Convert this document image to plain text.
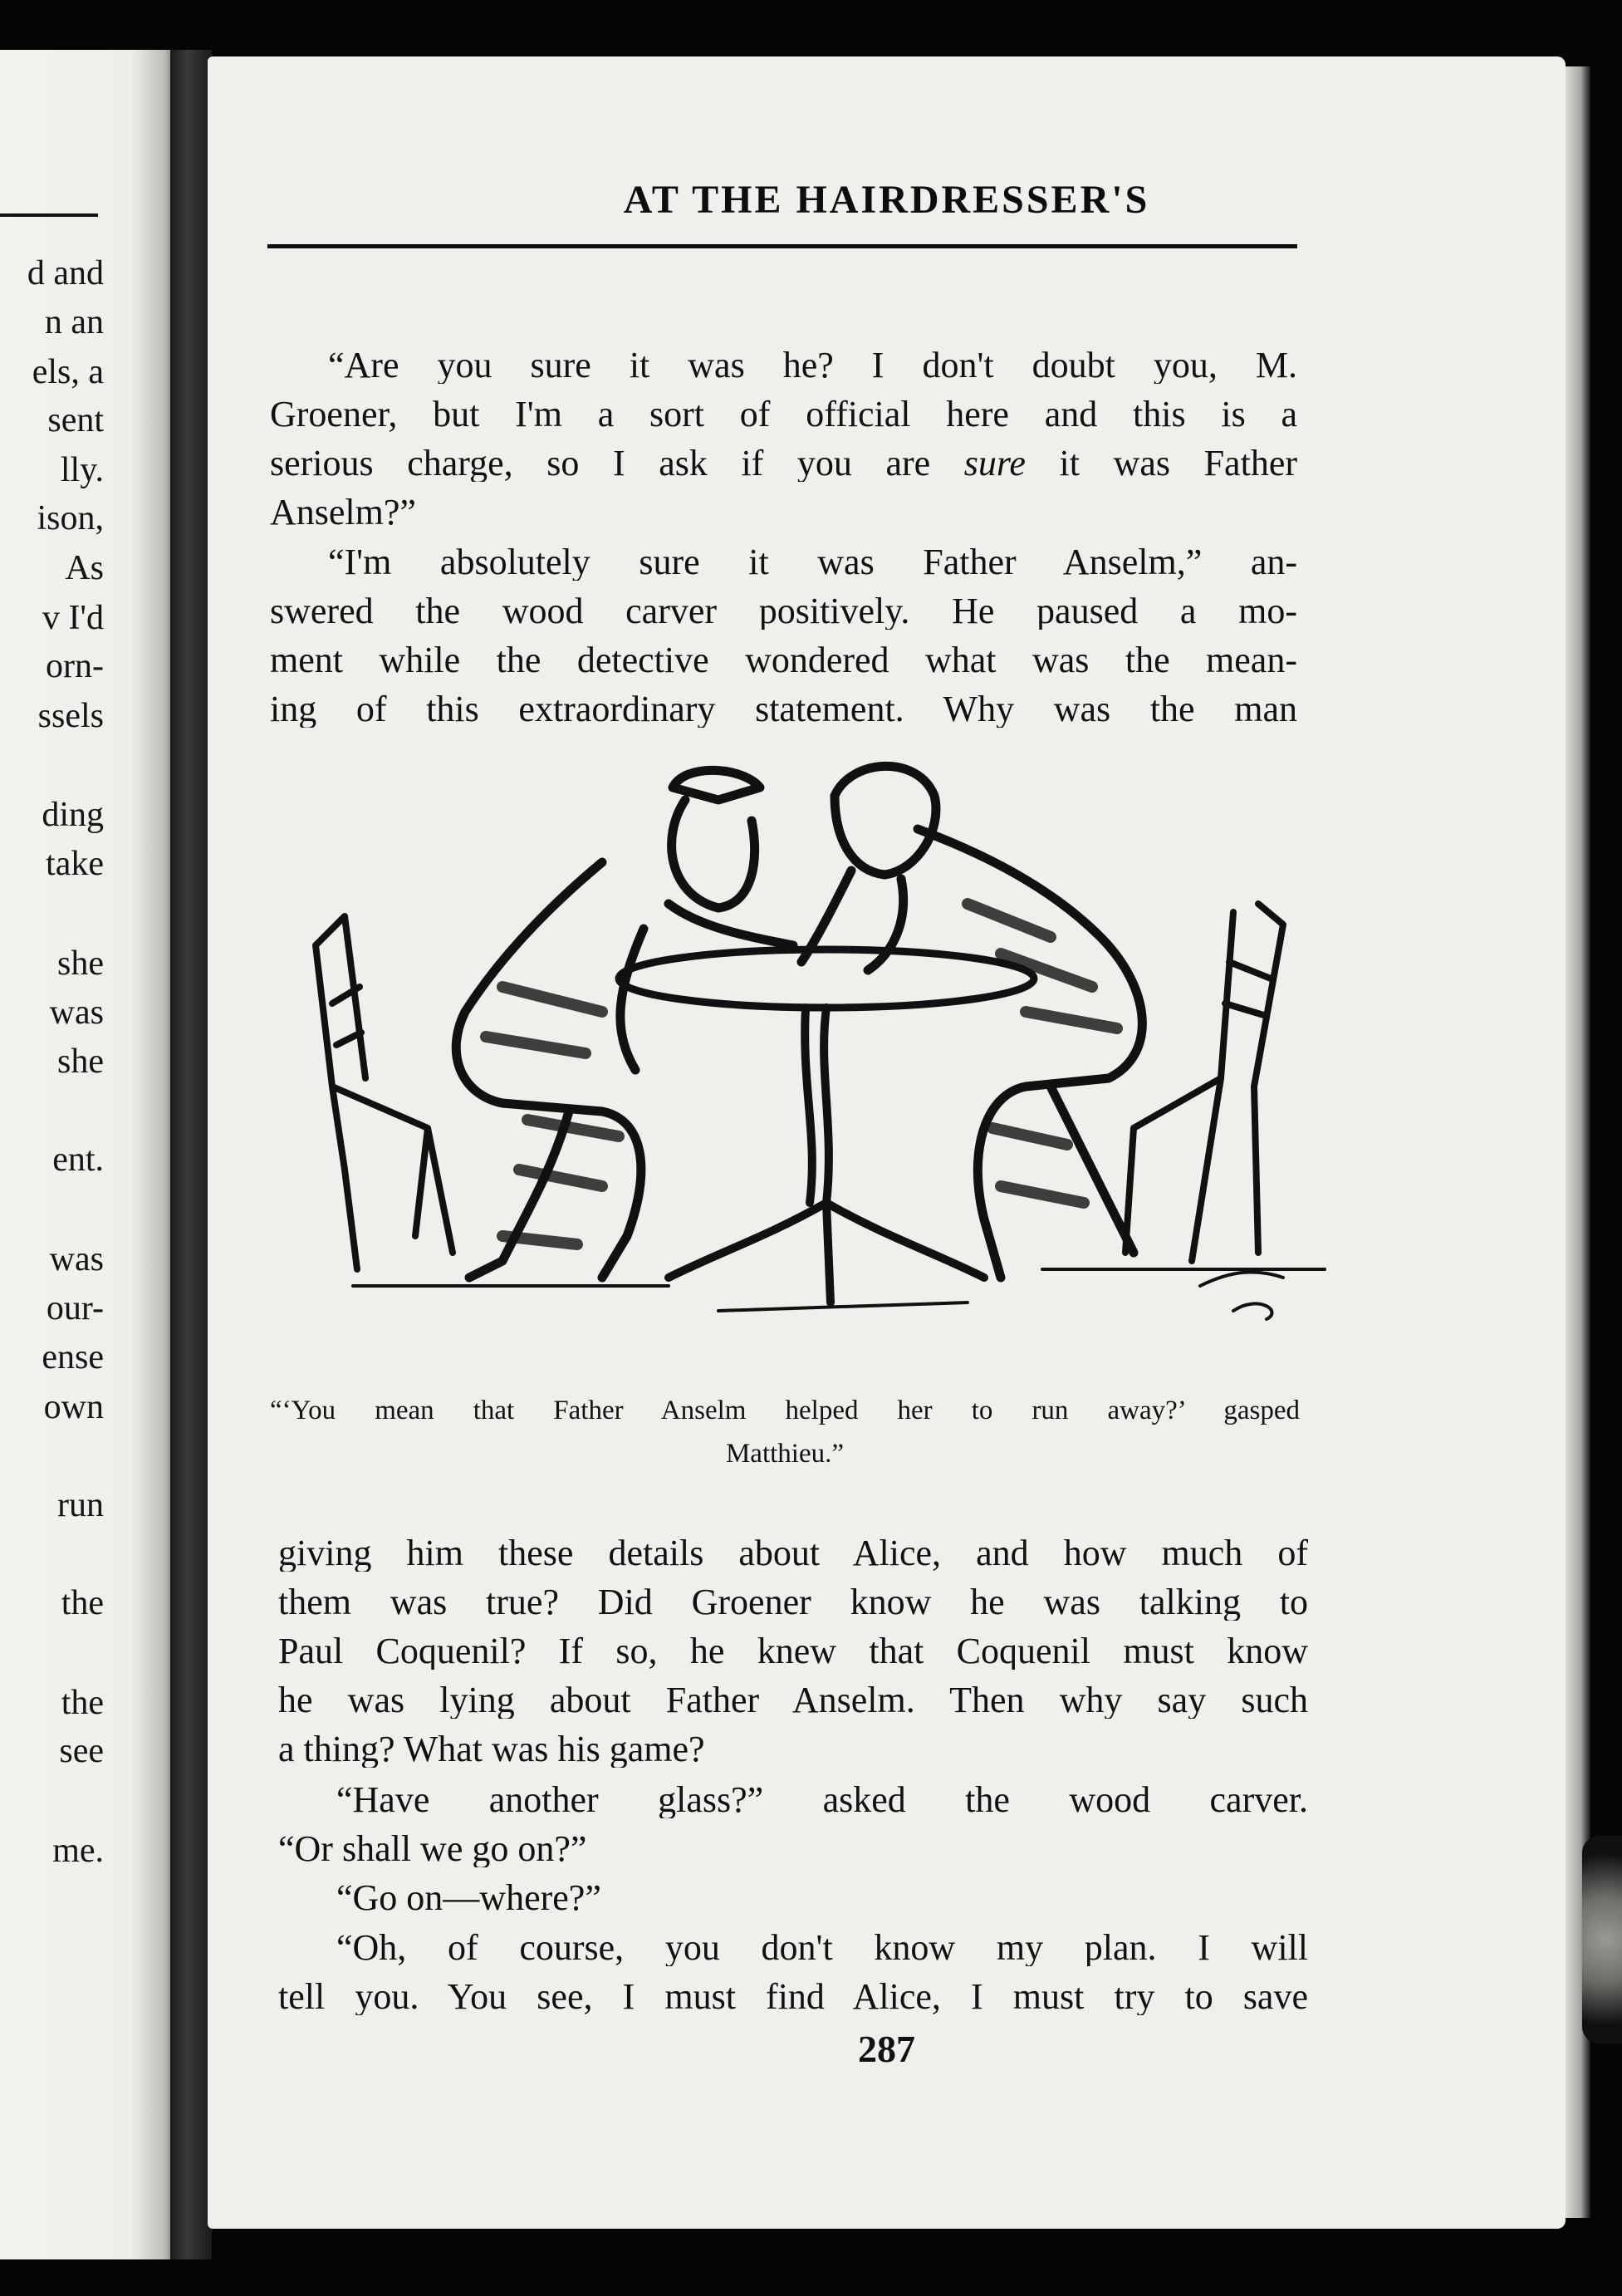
d and
n an
els, a
sent
lly.
ison,
As
v I'd
orn-
ssels
ding
take
she
was
she
ent.
was
our-
ense
own
run
the
the
see
me.
AT THE HAIRDRESSER'S
“Are you sure it was he? I don't doubt you, M.
Groener, but I'm a sort of official here and this is a
serious charge, so I ask if you are sure it was Father
Anselm?”
“I'm absolutely sure it was Father Anselm,” an-
swered the wood carver positively. He paused a mo-
ment while the detective wondered what was the mean-
ing of this extraordinary statement. Why was the man
“‘You mean that Father Anselm helped her to run away?’ gasped
Matthieu.”
giving him these details about Alice, and how much of
them was true? Did Groener know he was talking to
Paul Coquenil? If so, he knew that Coquenil must know
he was lying about Father Anselm. Then why say such
a thing? What was his game?
“Have another glass?” asked the wood carver.
“Or shall we go on?”
“Go on—where?”
“Oh, of course, you don't know my plan. I will
tell you. You see, I must find Alice, I must try to save
287
